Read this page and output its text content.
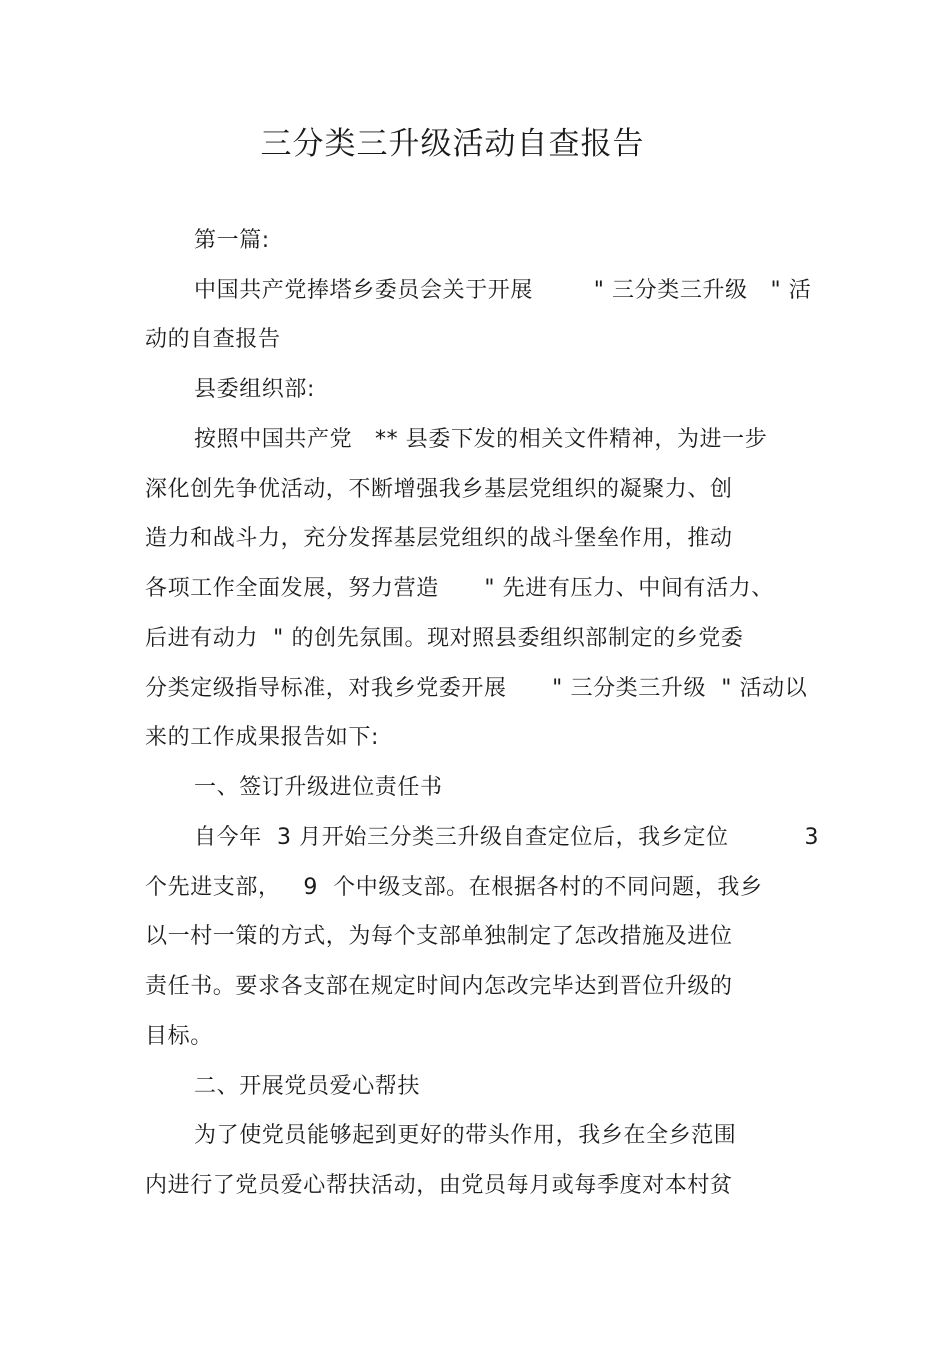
三分类三升级活动自查报告
第一篇:
中国共产党捧塔乡委员会关于开展        " 三分类三升级   " 活
动的自查报告
县委组织部:
按照中国共产党   ** 县委下发的相关文件精神，为进一步
深化创先争优活动，不断增强我乡基层党组织的凝聚力、创
造力和战斗力，充分发挥基层党组织的战斗堡垒作用，推动
各项工作全面发展，努力营造      " 先进有压力、中间有活力、
后进有动力  " 的创先氛围。现对照县委组织部制定的乡党委
分类定级指导标准，对我乡党委开展      " 三分类三升级  " 活动以
来的工作成果报告如下:
一、签订升级进位责任书
自今年  3 月开始三分类三升级自查定位后，我乡定位          3
个先进支部，   9  个中级支部。在根据各村的不同问题，我乡
以一村一策的方式，为每个支部单独制定了怎改措施及进位
责任书。要求各支部在规定时间内怎改完毕达到晋位升级的
目标。
二、开展党员爱心帮扶
为了使党员能够起到更好的带头作用，我乡在全乡范围
内进行了党员爱心帮扶活动，由党员每月或每季度对本村贫
